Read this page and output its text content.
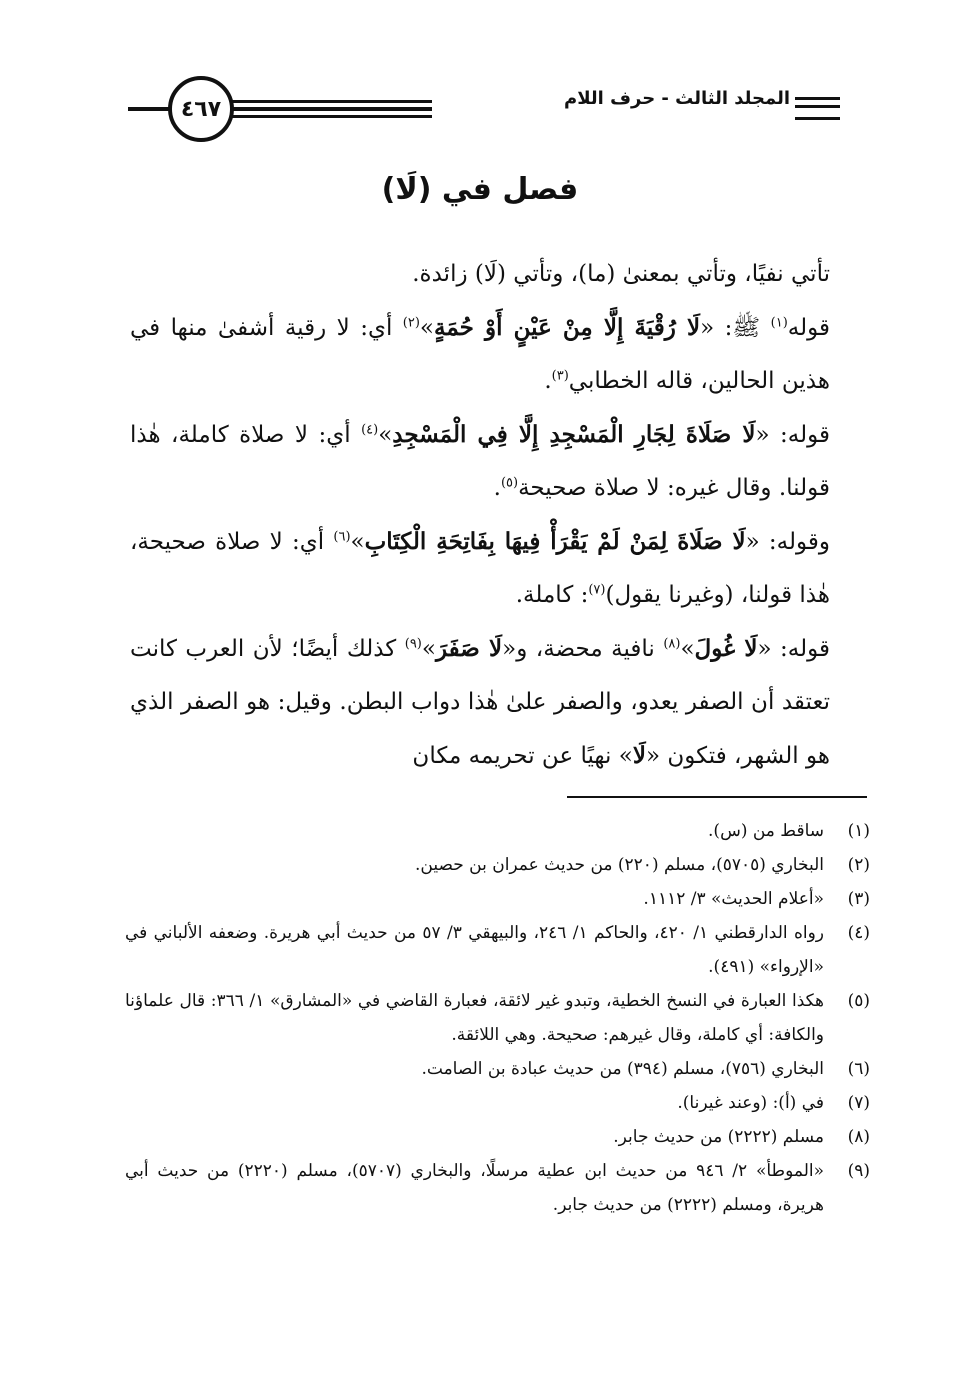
المجلد الثالث - حرف اللام
٤٦٧
فصل في (لَا)

تأتي نفيًا، وتأتي بمعنىٰ (ما)، وتأتي (لَا) زائدة.

قوله$^{(١)}$ ﷺ: «لَا رُقْيَةَ إِلَّا مِنْ عَيْنٍ أَوْ حُمَةٍ»$^{(٢)}$ أي: لا رقية أشفىٰ منها في هذين الحالين، قاله الخطابي$^{(٣)}$.

قوله: «لَا صَلَاةَ لِجَارِ الْمَسْجِدِ إِلَّا فِي الْمَسْجِدِ»$^{(٤)}$ أي: لا صلاة كاملة، هٰذا قولنا. وقال غيره: لا صلاة صحيحة$^{(٥)}$.

وقوله: «لَا صَلَاةَ لِمَنْ لَمْ يَقْرَأْ فِيهَا بِفَاتِحَةِ الْكِتَابِ»$^{(٦)}$ أي: لا صلاة صحيحة، هٰذا قولنا، (وغيرنا يقول)$^{(٧)}$: كاملة.

قوله: «لَا غُولَ»$^{(٨)}$ نافية محضة، و«لَا صَفَرَ»$^{(٩)}$ كذلك أيضًا؛ لأن العرب كانت تعتقد أن الصفر يعدو، والصفر علىٰ هٰذا دواب البطن. وقيل: هو الصفر الذي هو الشهر، فتكون «لَا» نهيًا عن تحريمه مكان

(١)
ساقط من (س).
(٢)
البخاري (٥٧٠٥)، مسلم (٢٢٠) من حديث عمران بن حصين.
(٣)
«أعلام الحديث» ٣/ ١١١٢.
(٤)
رواه الدارقطني ١/ ٤٢٠، والحاكم ١/ ٢٤٦، والبيهقي ٣/ ٥٧ من حديث أبي هريرة. وضعفه الألباني في «الإرواء» (٤٩١).
(٥)
هكذا العبارة في النسخ الخطية، وتبدو غير لائقة، فعبارة القاضي في «المشارق» ١/ ٣٦٦: قال علماؤنا والكافة: أي كاملة، وقال غيرهم: صحيحة. وهي اللائقة.
(٦)
البخاري (٧٥٦)، مسلم (٣٩٤) من حديث عبادة بن الصامت.
(٧)
في (أ): (وعند غيرنا).
(٨)
مسلم (٢٢٢٢) من حديث جابر.
(٩)
«الموطأ» ٢/ ٩٤٦ من حديث ابن عطية مرسلًا، والبخاري (٥٧٠٧)، مسلم (٢٢٢٠) من حديث أبي هريرة، ومسلم (٢٢٢٢) من حديث جابر.
